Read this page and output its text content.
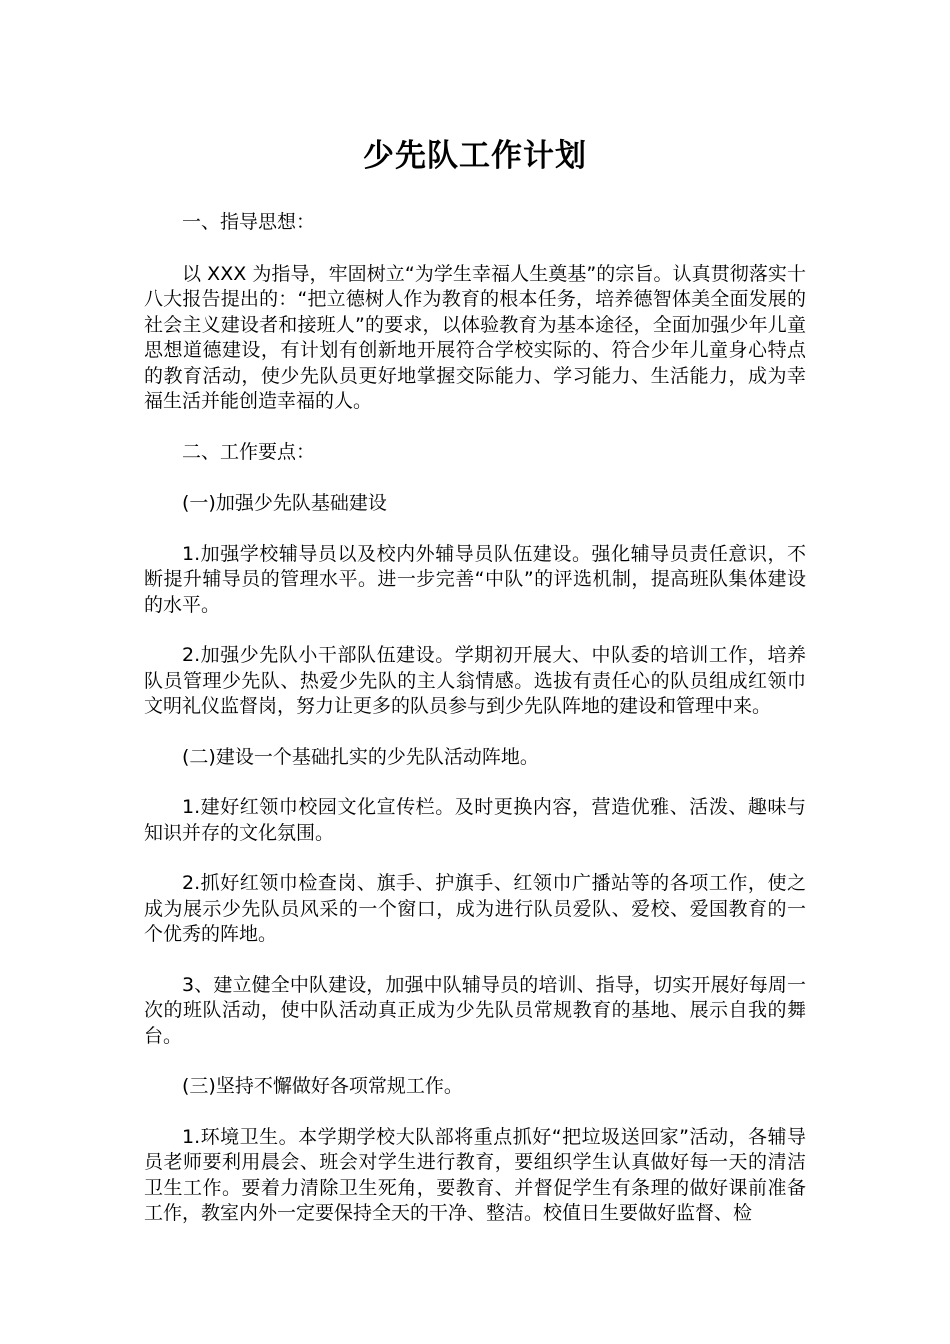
少先队工作计划

一、指导思想：

以 XXX 为指导，牢固树立“为学生幸福人生奠基”的宗旨。认真贯彻落实十八大报告提出的：“把立德树人作为教育的根本任务，培养德智体美全面发展的社会主义建设者和接班人”的要求，以体验教育为基本途径，全面加强少年儿童思想道德建设，有计划有创新地开展符合学校实际的、符合少年儿童身心特点的教育活动，使少先队员更好地掌握交际能力、学习能力、生活能力，成为幸福生活并能创造幸福的人。

二、工作要点：

(一)加强少先队基础建设

1.加强学校辅导员以及校内外辅导员队伍建设。强化辅导员责任意识，不断提升辅导员的管理水平。进一步完善“中队”的评选机制，提高班队集体建设的水平。

2.加强少先队小干部队伍建设。学期初开展大、中队委的培训工作，培养队员管理少先队、热爱少先队的主人翁情感。选拔有责任心的队员组成红领巾文明礼仪监督岗，努力让更多的队员参与到少先队阵地的建设和管理中来。

(二)建设一个基础扎实的少先队活动阵地。

1.建好红领巾校园文化宣传栏。及时更换内容，营造优雅、活泼、趣味与知识并存的文化氛围。

2.抓好红领巾检查岗、旗手、护旗手、红领巾广播站等的各项工作，使之成为展示少先队员风采的一个窗口，成为进行队员爱队、爱校、爱国教育的一个优秀的阵地。

3、建立健全中队建设，加强中队辅导员的培训、指导，切实开展好每周一次的班队活动，使中队活动真正成为少先队员常规教育的基地、展示自我的舞台。

(三)坚持不懈做好各项常规工作。

1.环境卫生。本学期学校大队部将重点抓好“把垃圾送回家”活动，各辅导员老师要利用晨会、班会对学生进行教育，要组织学生认真做好每一天的清洁卫生工作。要着力清除卫生死角，要教育、并督促学生有条理的做好课前准备工作，教室内外一定要保持全天的干净、整洁。校值日生要做好监督、检
